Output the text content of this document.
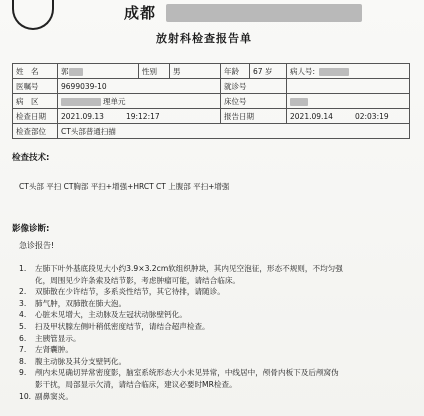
成都
放射科检查报告单
姓　名	郭	性别	男	年龄	67 岁	病人号:
医嘱号	9699039-10			就诊号		
病　区	理单元			床位号		
检查日期	2021.09.13 19:12:17			报告日期		2021.09.14 02:03:19
检查部位	CT头部普通扫描					
检查技术:
CT头部 平扫 CT胸部 平扫+增强+HRCT CT 上腹部 平扫+增强
影像诊断:
急诊报告!
1. 左肺下叶外基底段见大小约3.9×3.2cm软组织肿块，其内见空泡征，形态不规则，不均匀强
化，周围见少许条索及结节影，考虑肿瘤可能，请结合临床。
2. 双肺散在少许结节，多系炎性结节，其它待排，请随诊。
3. 肺气肿，双肺散在肺大泡。
4. 心脏未见增大，主动脉及左冠状动脉壁钙化。
5. 扫及甲状腺左侧叶稍低密度结节，请结合超声检查。
6. 主胰管显示。
7. 左肾囊肿。
8. 腹主动脉及其分支壁钙化。
9. 颅内未见确切异常密度影，脑室系统形态大小未见异常，中线居中，颅骨内板下及后颅窝伪
影干扰，局部显示欠清，请结合临床，建议必要时MR检查。
10. 副鼻窦炎。
